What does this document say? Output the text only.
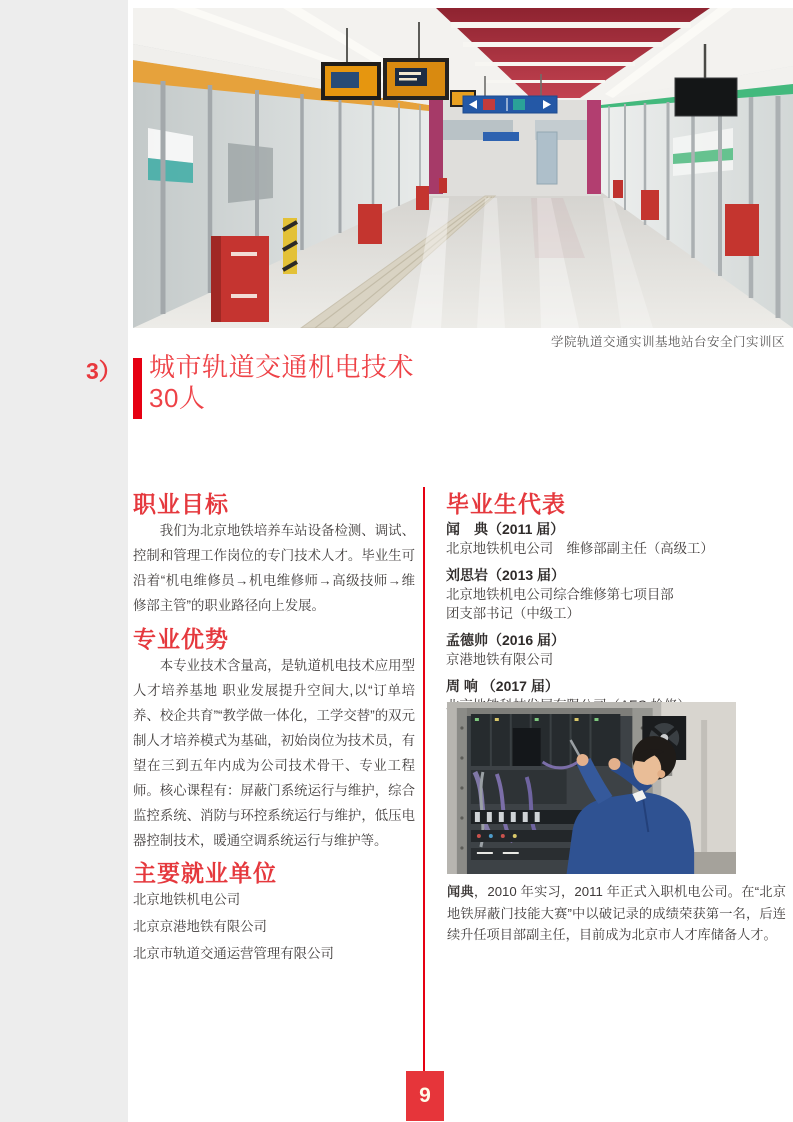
学院轨道交通实训基地站台安全门实训区
3） 城市轨道交通机电技术
30人
职业目标

我们为北京地铁培养车站设备检测、调试、控制和管理工作岗位的专门技术人才。毕业生可沿着“机电维修员→机电维修师→高级技师→维修部主管”的职业路径向上发展。

专业优势

本专业技术含量高，是轨道机电技术应用型人才培养基地 职业发展提升空间大,以“订单培养、校企共育”“教学做一体化，工学交替”的双元制人才培养模式为基础，初始岗位为技术员，有望在三到五年内成为公司技术骨干、专业工程师。 核心课程有：屏蔽门系统运行与维护，综合监控系统、消防与环控系统运行与维护，低压电器控制技术，暖通空调系统运行与维护等。

主要就业单位
北京地铁机电公司
北京京港地铁有限公司
北京市轨道交通运营管理有限公司
毕业生代表
闻　典（2011 届）
北京地铁机电公司　维修部副主任（高级工）
刘思岩（2013 届）
北京地铁机电公司综合维修第七项目部
团支部书记（中级工）
孟德帅（2016 届）
京港地铁有限公司
周 响 （2017 届）
闻典，2010 年实习，2011 年正式入职机电公司。在“北京地铁屏蔽门技能大赛”中以破记录的成绩荣获第一名，后连续升任项目部副主任，目前成为北京市人才库储备人才。
9
